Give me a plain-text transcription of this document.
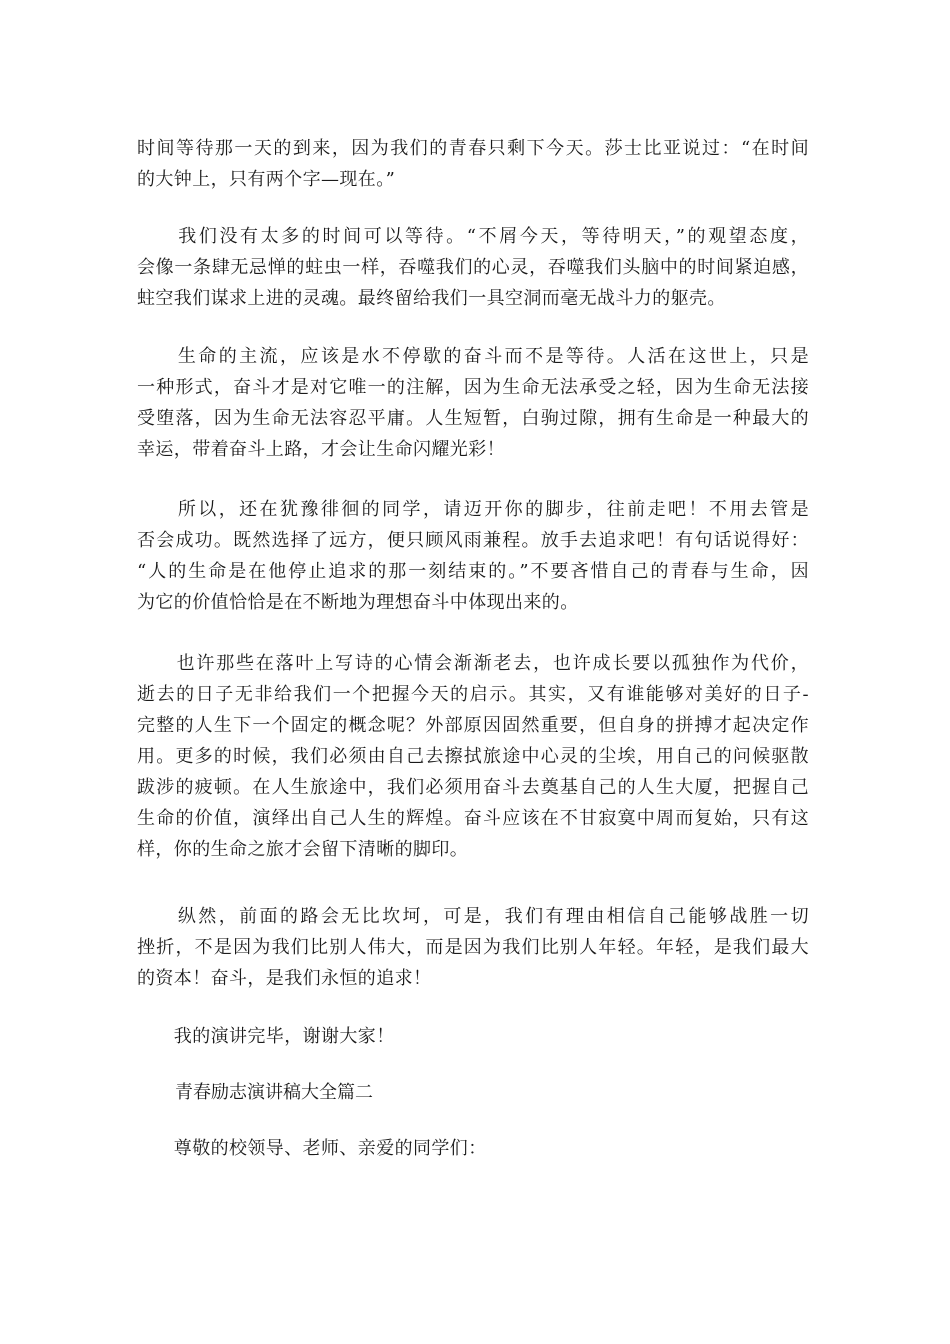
时间等待那一天的到来，因为我们的青春只剩下今天。莎士比亚说过：“在时间
的大钟上，只有两个字—现在。”
　　我们没有太多的时间可以等待。“不屑今天，等待明天，”的观望态度，
会像一条肆无忌惮的蛀虫一样，吞噬我们的心灵，吞噬我们头脑中的时间紧迫感，
蛀空我们谋求上进的灵魂。最终留给我们一具空洞而毫无战斗力的躯壳。
　　生命的主流，应该是水不停歇的奋斗而不是等待。人活在这世上，只是
一种形式，奋斗才是对它唯一的注解，因为生命无法承受之轻，因为生命无法接
受堕落，因为生命无法容忍平庸。人生短暂，白驹过隙，拥有生命是一种最大的
幸运，带着奋斗上路，才会让生命闪耀光彩！
　　所以，还在犹豫徘徊的同学，请迈开你的脚步，往前走吧！不用去管是
否会成功。既然选择了远方，便只顾风雨兼程。放手去追求吧！有句话说得好：
“人的生命是在他停止追求的那一刻结束的。”不要吝惜自己的青春与生命，因
为它的价值恰恰是在不断地为理想奋斗中体现出来的。
　　也许那些在落叶上写诗的心情会渐渐老去，也许成长要以孤独作为代价，
逝去的日子无非给我们一个把握今天的启示。其实，又有谁能够对美好的日子-
完整的人生下一个固定的概念呢？外部原因固然重要，但自身的拼搏才起决定作
用。更多的时候，我们必须由自己去擦拭旅途中心灵的尘埃，用自己的问候驱散
跋涉的疲顿。在人生旅途中，我们必须用奋斗去奠基自己的人生大厦，把握自己
生命的价值，演绎出自己人生的辉煌。奋斗应该在不甘寂寞中周而复始，只有这
样，你的生命之旅才会留下清晰的脚印。
　　纵然，前面的路会无比坎坷，可是，我们有理由相信自己能够战胜一切
挫折，不是因为我们比别人伟大，而是因为我们比别人年轻。年轻，是我们最大
的资本！奋斗，是我们永恒的追求！
　　我的演讲完毕，谢谢大家！
青春励志演讲稿大全篇二
　　尊敬的校领导、老师、亲爱的同学们：
